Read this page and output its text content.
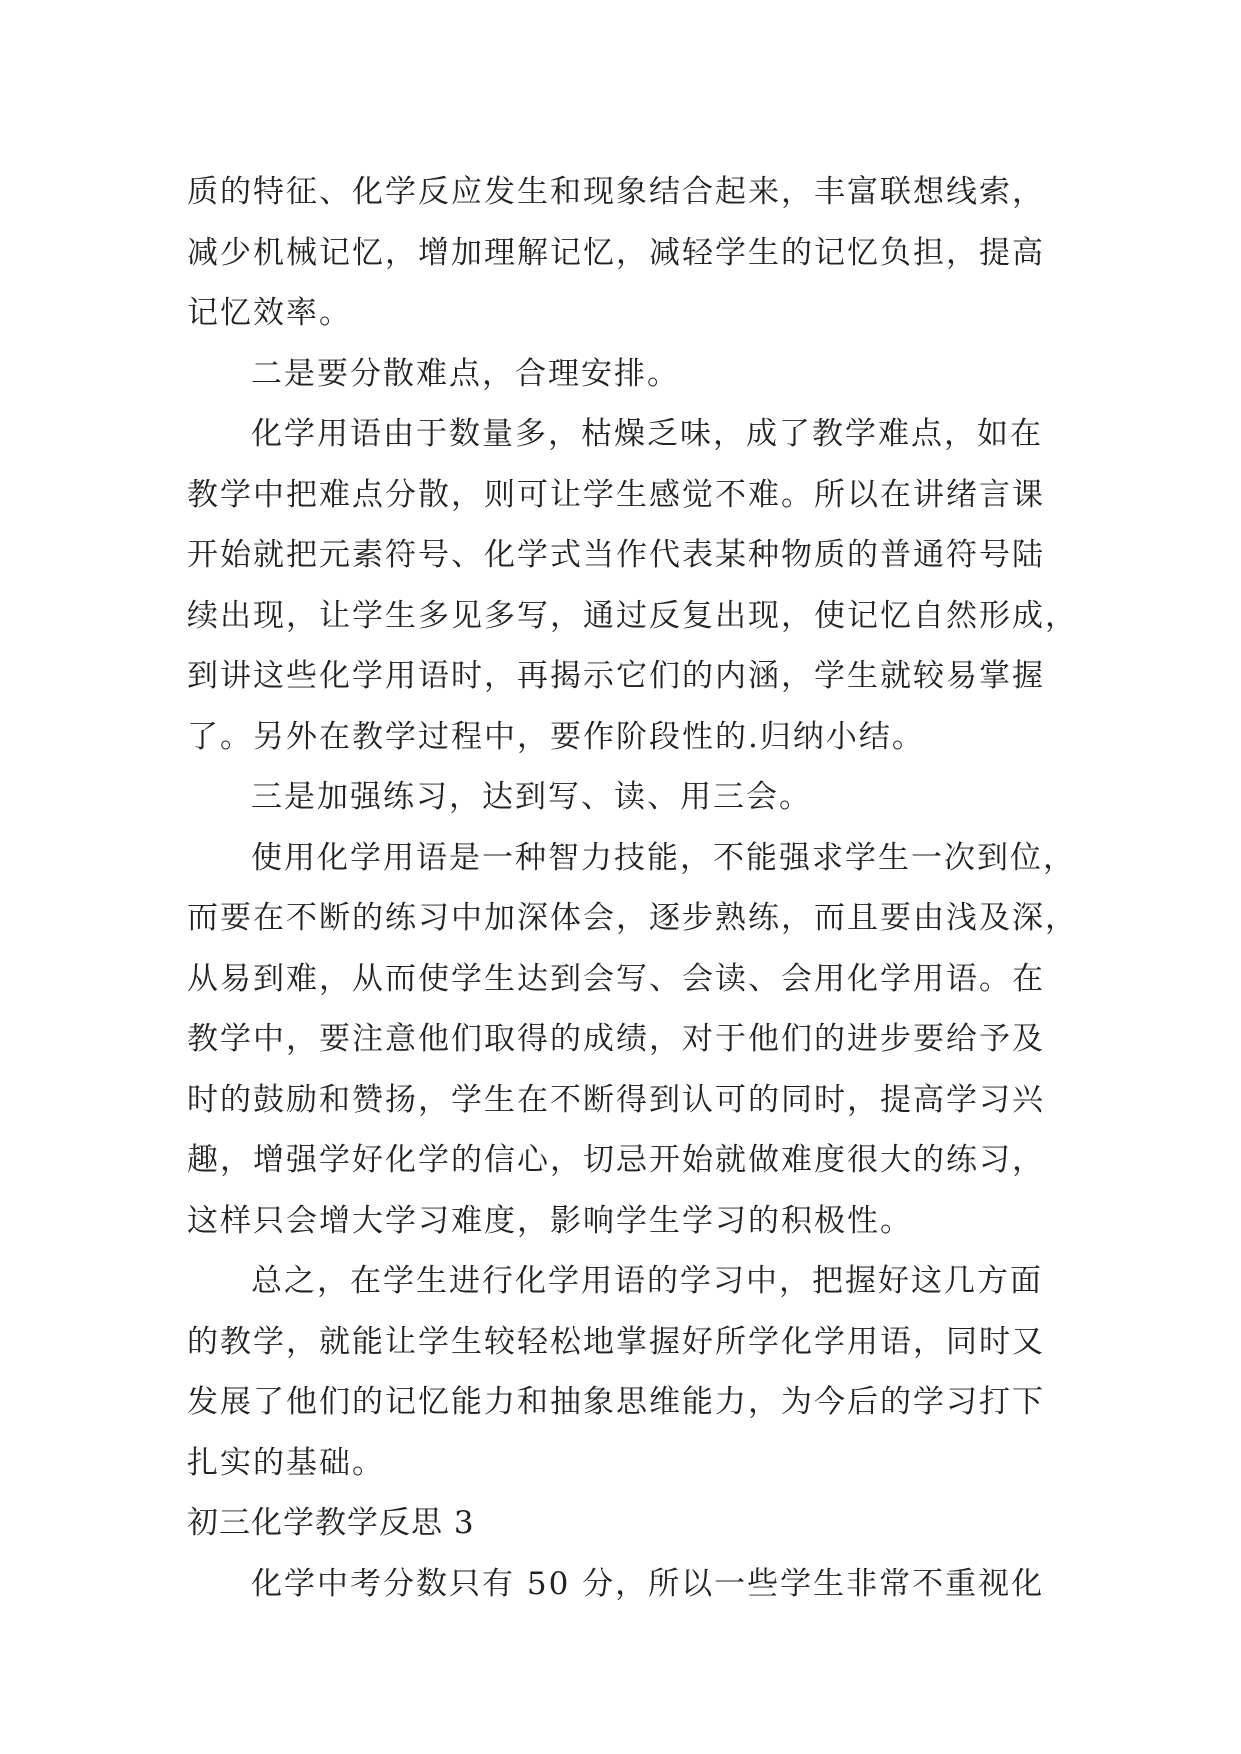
质的特征、化学反应发生和现象结合起来，丰富联想线索，
减少机械记忆，增加理解记忆，减轻学生的记忆负担，提高
记忆效率。
二是要分散难点，合理安排。
化学用语由于数量多，枯燥乏味，成了教学难点，如在
教学中把难点分散，则可让学生感觉不难。所以在讲绪言课
开始就把元素符号、化学式当作代表某种物质的普通符号陆
续出现，让学生多见多写，通过反复出现，使记忆自然形成，
到讲这些化学用语时，再揭示它们的内涵，学生就较易掌握
了。另外在教学过程中，要作阶段性的.归纳小结。
三是加强练习，达到写、读、用三会。
使用化学用语是一种智力技能，不能强求学生一次到位，
而要在不断的练习中加深体会，逐步熟练，而且要由浅及深，
从易到难，从而使学生达到会写、会读、会用化学用语。在
教学中，要注意他们取得的成绩，对于他们的进步要给予及
时的鼓励和赞扬，学生在不断得到认可的同时，提高学习兴
趣，增强学好化学的信心，切忌开始就做难度很大的练习，
这样只会增大学习难度，影响学生学习的积极性。
总之，在学生进行化学用语的学习中，把握好这几方面
的教学，就能让学生较轻松地掌握好所学化学用语，同时又
发展了他们的记忆能力和抽象思维能力，为今后的学习打下
扎实的基础。
初三化学教学反思 3
化学中考分数只有 50 分，所以一些学生非常不重视化
